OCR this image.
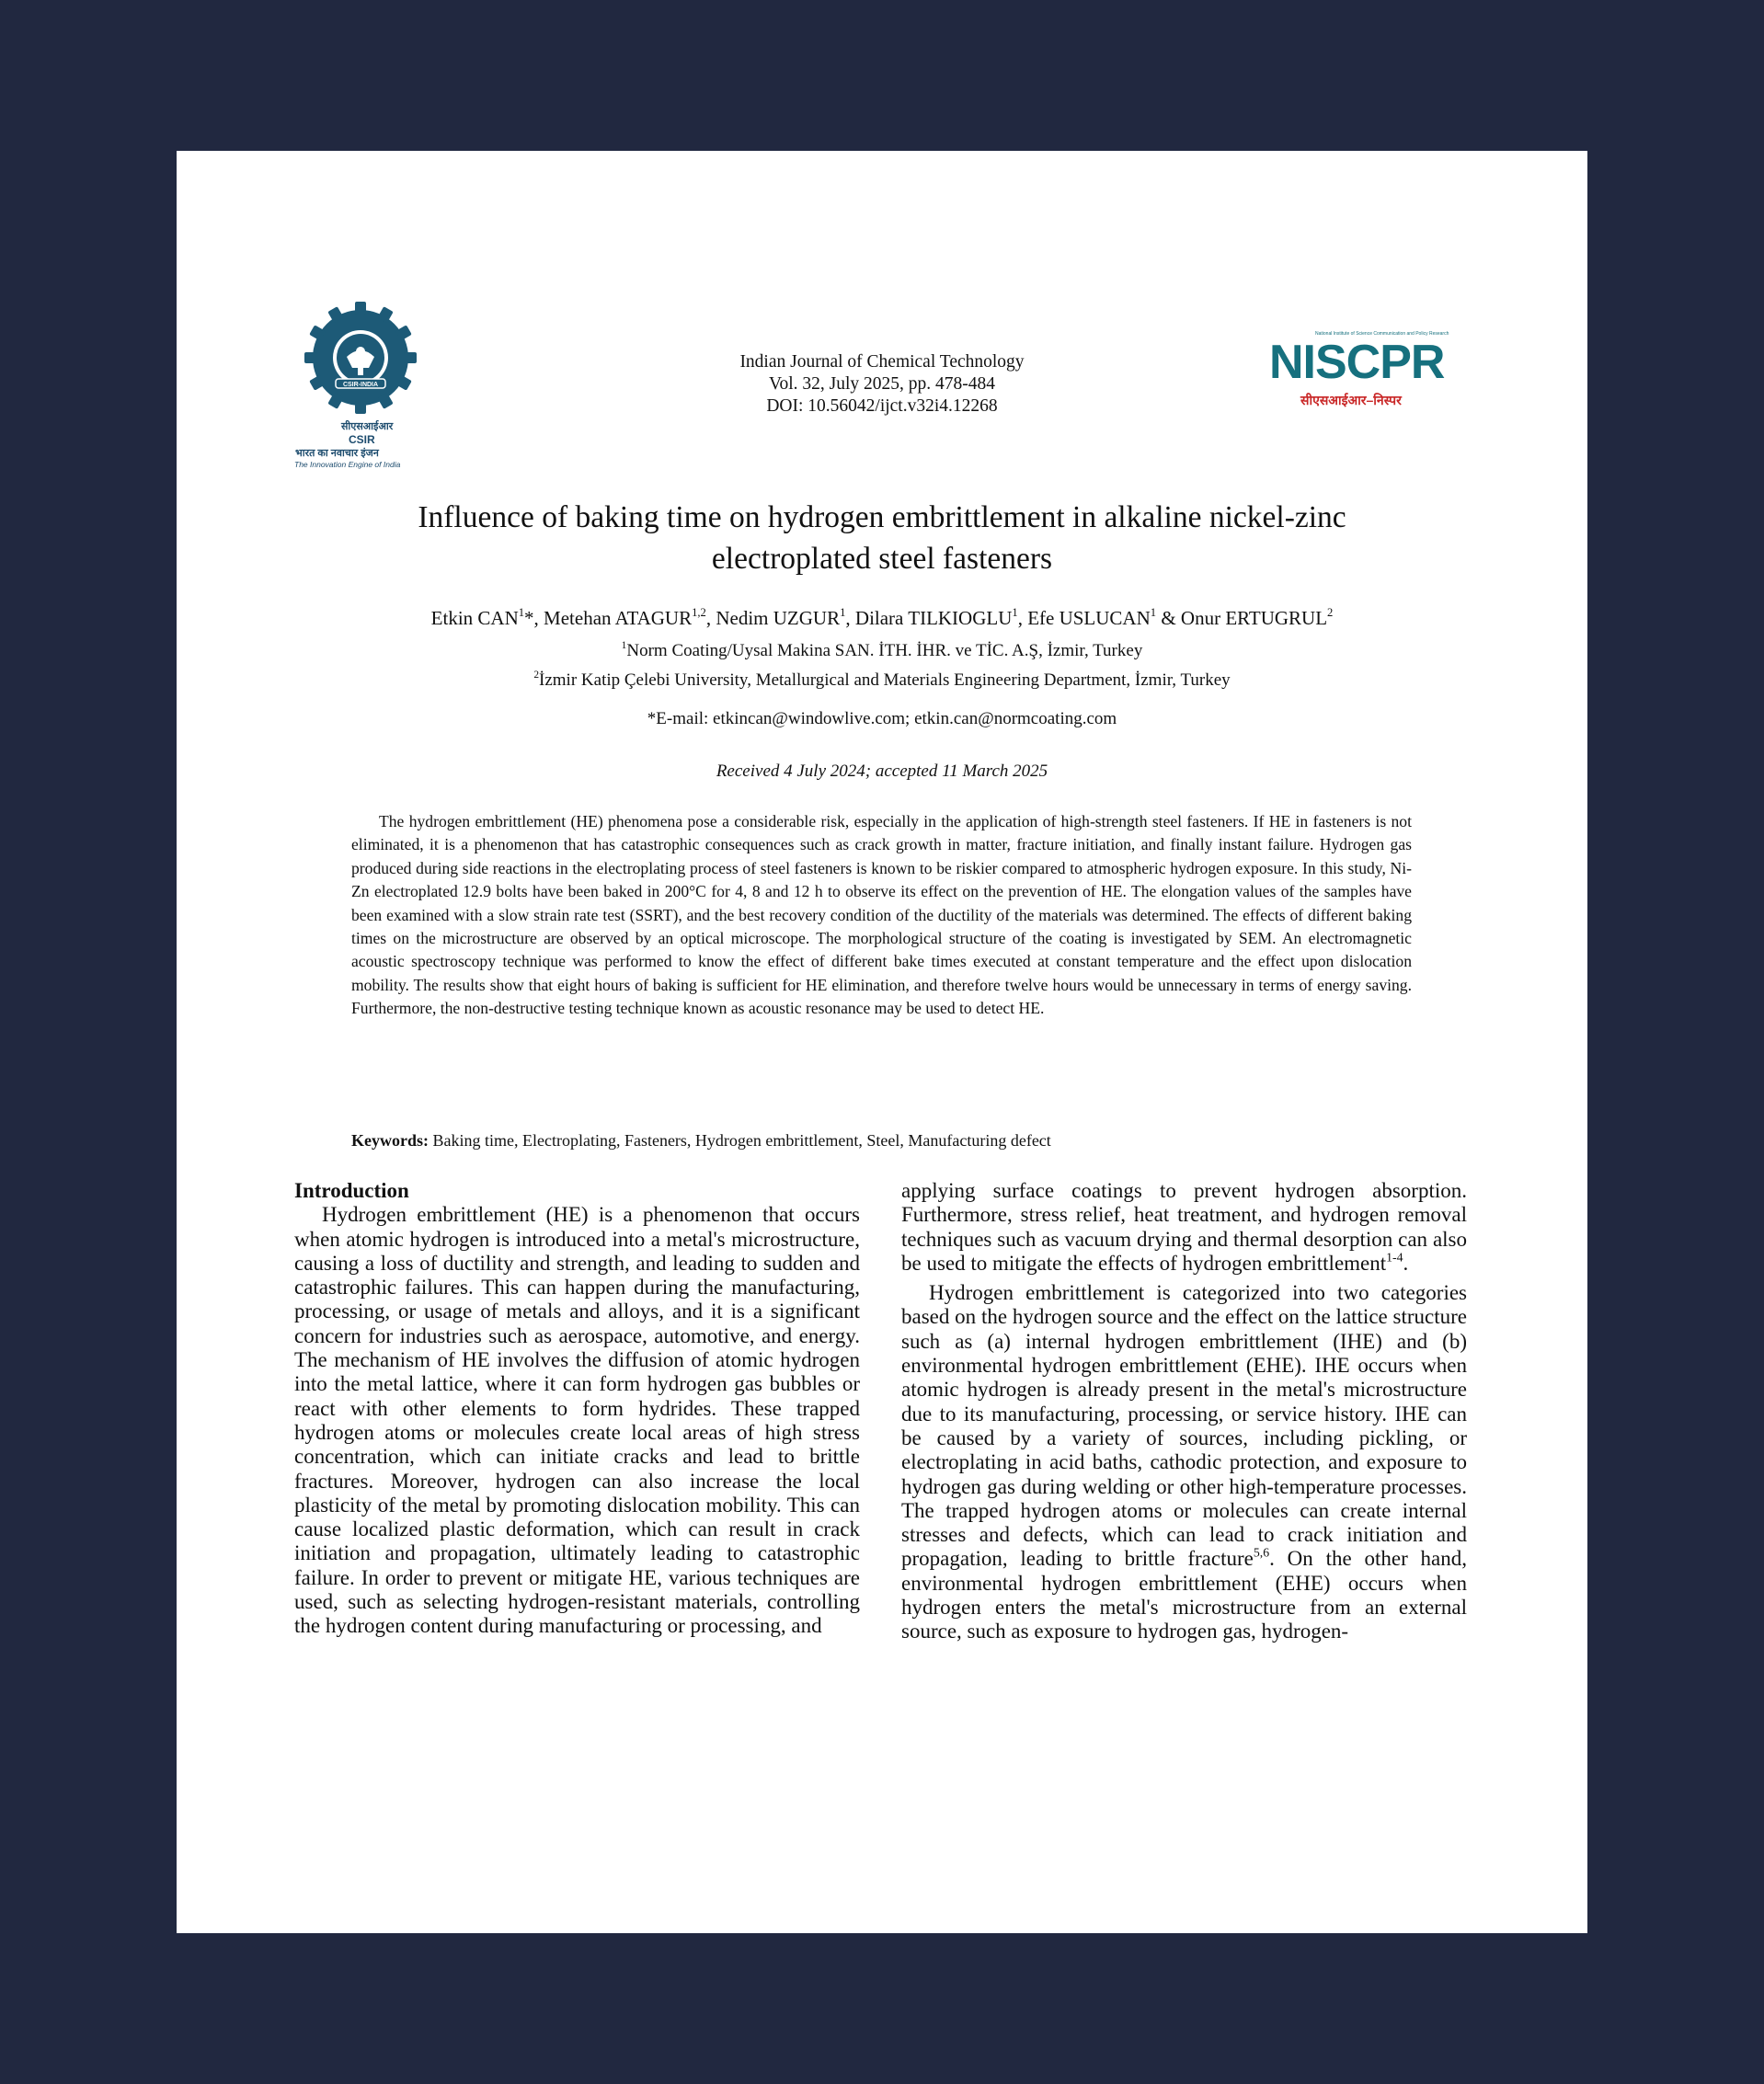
CSIR-INDIA
सीएसआईआर
CSIR
भारत का नवाचार इंजन
The Innovation Engine of India
Indian Journal of Chemical Technology
Vol. 32, July 2025, pp. 478-484
DOI: 10.56042/ijct.v32i4.12268
National Institute of Science Communication and Policy Research
NISCPR
सीएसआईआर–निस्पर
Influence of baking time on hydrogen embrittlement in alkaline nickel-zinc
electroplated steel fasteners
Etkin CAN$^1$*, Metehan ATAGUR$^{1,2}$, Nedim UZGUR$^1$, Dilara TILKIOGLU$^1$, Efe USLUCAN$^1$ & Onur ERTUGRUL$^2$
$^1$Norm Coating/Uysal Makina SAN. İTH. İHR. ve TİC. A.Ş, İzmir, Turkey
$^2$İzmir Katip Çelebi University, Metallurgical and Materials Engineering Department, İzmir, Turkey
*E-mail: etkincan@windowlive.com; etkin.can@normcoating.com
Received 4 July 2024; accepted 11 March 2025
The hydrogen embrittlement (HE) phenomena pose a considerable risk, especially in the application of high-strength steel fasteners. If HE in fasteners is not eliminated, it is a phenomenon that has catastrophic consequences such as crack growth in matter, fracture initiation, and finally instant failure. Hydrogen gas produced during side reactions in the electroplating process of steel fasteners is known to be riskier compared to atmospheric hydrogen exposure. In this study, Ni-Zn electroplated 12.9 bolts have been baked in 200°C for 4, 8 and 12 h to observe its effect on the prevention of HE. The elongation values of the samples have been examined with a slow strain rate test (SSRT), and the best recovery condition of the ductility of the materials was determined. The effects of different baking times on the microstructure are observed by an optical microscope. The morphological structure of the coating is investigated by SEM. An electromagnetic acoustic spectroscopy technique was performed to know the effect of different bake times executed at constant temperature and the effect upon dislocation mobility. The results show that eight hours of baking is sufficient for HE elimination, and therefore twelve hours would be unnecessary in terms of energy saving. Furthermore, the non-destructive testing technique known as acoustic resonance may be used to detect HE.
Keywords: Baking time, Electroplating, Fasteners, Hydrogen embrittlement, Steel, Manufacturing defect
Introduction

Hydrogen embrittlement (HE) is a phenomenon that occurs when atomic hydrogen is introduced into a metal's microstructure, causing a loss of ductility and strength, and leading to sudden and catastrophic failures. This can happen during the manufacturing, processing, or usage of metals and alloys, and it is a significant concern for industries such as aerospace, automotive, and energy. The mechanism of HE involves the diffusion of atomic hydrogen into the metal lattice, where it can form hydrogen gas bubbles or react with other elements to form hydrides. These trapped hydrogen atoms or molecules create local areas of high stress concentration, which can initiate cracks and lead to brittle fractures. Moreover, hydrogen can also increase the local plasticity of the metal by promoting dislocation mobility. This can cause localized plastic deformation, which can result in crack initiation and propagation, ultimately leading to catastrophic failure. In order to prevent or mitigate HE, various techniques are used, such as selecting hydrogen-resistant materials, controlling the hydrogen content during manufacturing or processing, and

applying surface coatings to prevent hydrogen absorption. Furthermore, stress relief, heat treatment, and hydrogen removal techniques such as vacuum drying and thermal desorption can also be used to mitigate the effects of hydrogen embrittlement$^{1-4}$.

Hydrogen embrittlement is categorized into two categories based on the hydrogen source and the effect on the lattice structure such as (a) internal hydrogen embrittlement (IHE) and (b) environmental hydrogen embrittlement (EHE). IHE occurs when atomic hydrogen is already present in the metal's microstructure due to its manufacturing, processing, or service history. IHE can be caused by a variety of sources, including pickling, or electroplating in acid baths, cathodic protection, and exposure to hydrogen gas during welding or other high-temperature processes. The trapped hydrogen atoms or molecules can create internal stresses and defects, which can lead to crack initiation and propagation, leading to brittle fracture$^{5,6}$. On the other hand, environmental hydrogen embrittlement (EHE) occurs when hydrogen enters the metal's microstructure from an external source, such as exposure to hydrogen gas, hydrogen-
